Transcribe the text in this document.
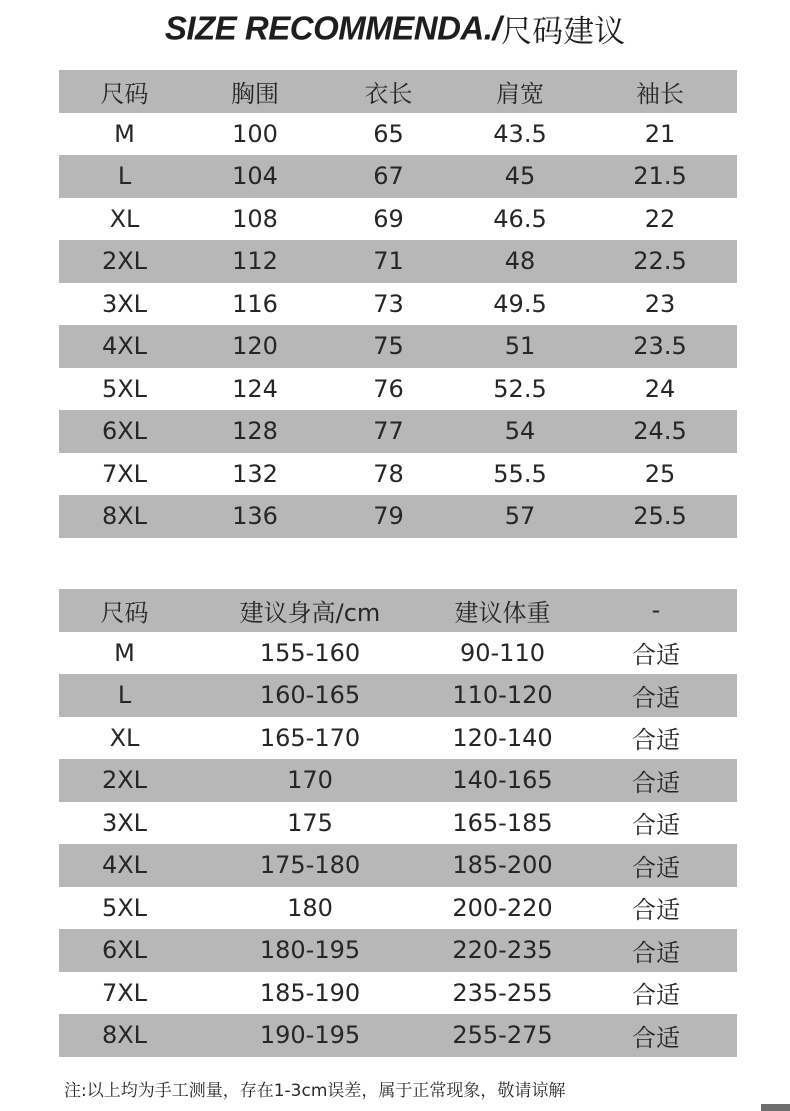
SIZE RECOMMENDA./尺码建议
尺码	胸围	衣长	肩宽	袖长
M	100	65	43.5	21
L	104	67	45	21.5
XL	108	69	46.5	22
2XL	112	71	48	22.5
3XL	116	73	49.5	23
4XL	120	75	51	23.5
5XL	124	76	52.5	24
6XL	128	77	54	24.5
7XL	132	78	55.5	25
8XL	136	79	57	25.5
尺码	建议身高/cm	建议体重	-
M	155-160	90-110	合适
L	160-165	110-120	合适
XL	165-170	120-140	合适
2XL	170	140-165	合适
3XL	175	165-185	合适
4XL	175-180	185-200	合适
5XL	180	200-220	合适
6XL	180-195	220-235	合适
7XL	185-190	235-255	合适
8XL	190-195	255-275	合适
注:以上均为手工测量，存在1-3cm误差，属于正常现象，敬请谅解
